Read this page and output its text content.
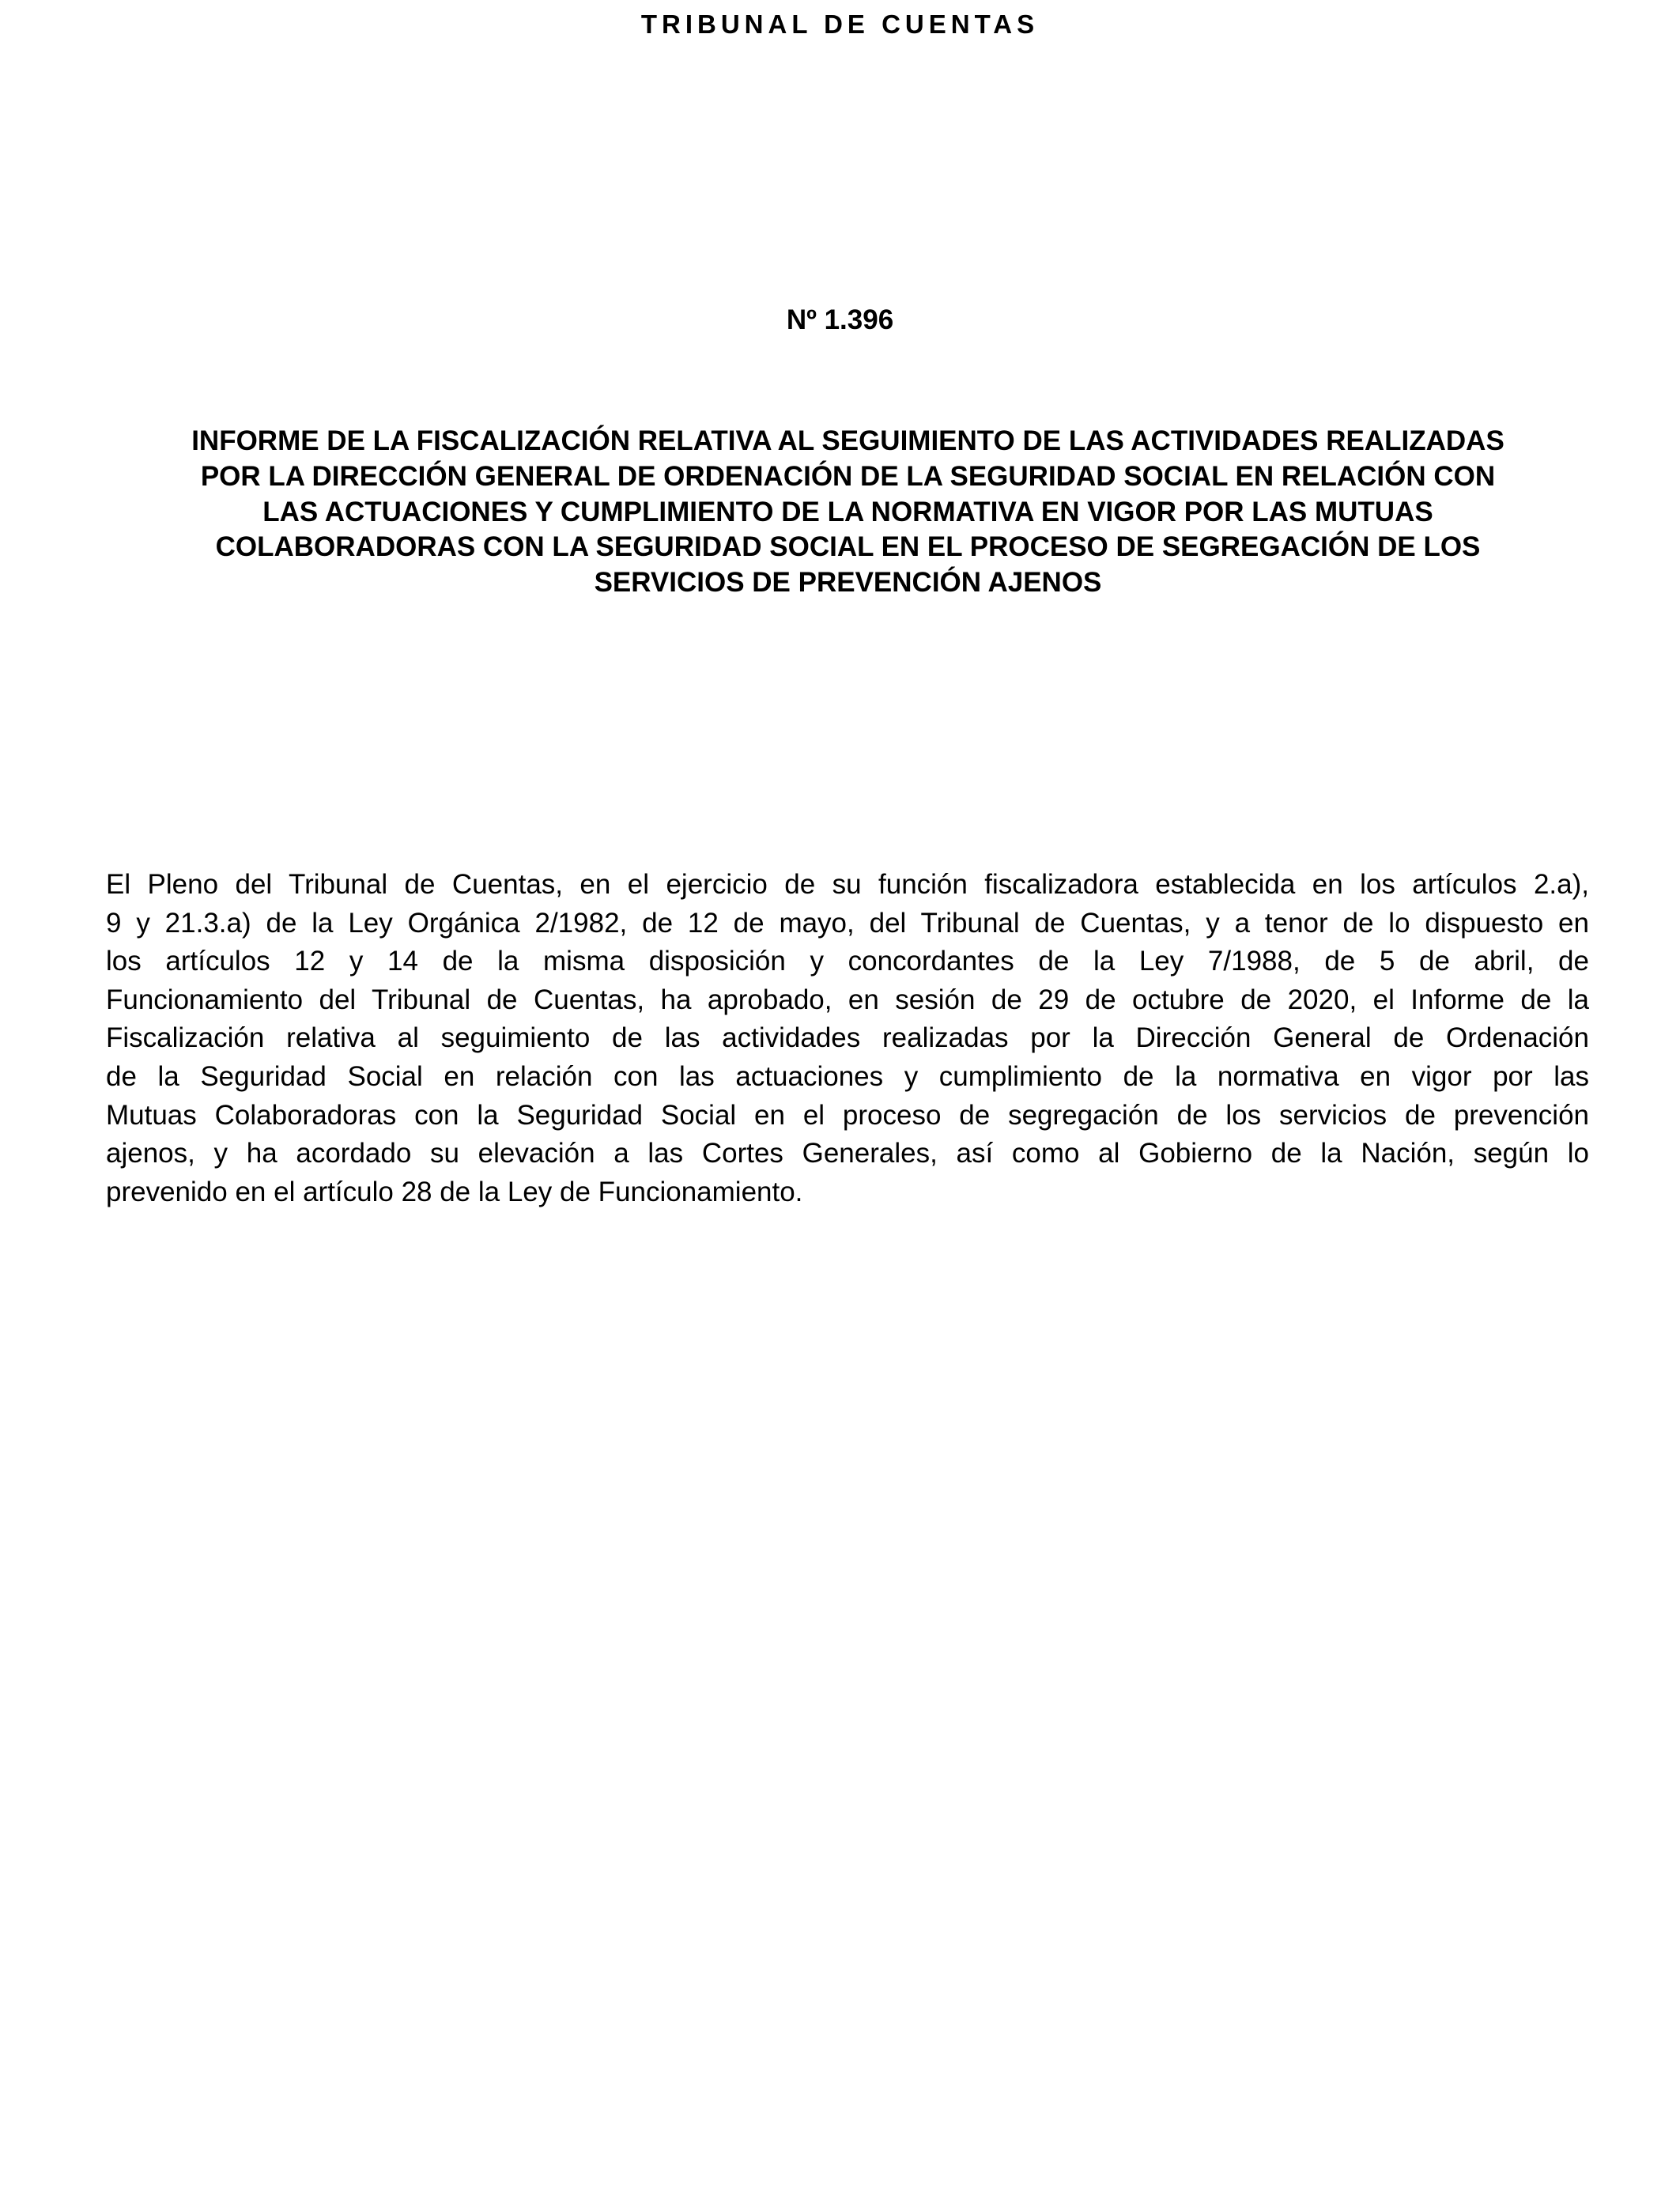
TRIBUNAL DE CUENTAS
Nº 1.396
INFORME DE LA FISCALIZACIÓN RELATIVA AL SEGUIMIENTO DE LAS ACTIVIDADES REALIZADAS
POR LA DIRECCIÓN GENERAL DE ORDENACIÓN DE LA SEGURIDAD SOCIAL EN RELACIÓN CON
LAS ACTUACIONES Y CUMPLIMIENTO DE LA NORMATIVA EN VIGOR POR LAS MUTUAS
COLABORADORAS CON LA SEGURIDAD SOCIAL EN EL PROCESO DE SEGREGACIÓN DE LOS
SERVICIOS DE PREVENCIÓN AJENOS
El Pleno del Tribunal de Cuentas, en el ejercicio de su función fiscalizadora establecida en los artículos 2.a),
9 y 21.3.a) de la Ley Orgánica 2/1982, de 12 de mayo, del Tribunal de Cuentas, y a tenor de lo dispuesto en
los artículos 12 y 14 de la misma disposición y concordantes de la Ley 7/1988, de 5 de abril, de
Funcionamiento del Tribunal de Cuentas, ha aprobado, en sesión de 29 de octubre de 2020, el Informe de la
Fiscalización relativa al seguimiento de las actividades realizadas por la Dirección General de Ordenación
de la Seguridad Social en relación con las actuaciones y cumplimiento de la normativa en vigor por las
Mutuas Colaboradoras con la Seguridad Social en el proceso de segregación de los servicios de prevención
ajenos, y ha acordado su elevación a las Cortes Generales, así como al Gobierno de la Nación, según lo
prevenido en el artículo 28 de la Ley de Funcionamiento.
